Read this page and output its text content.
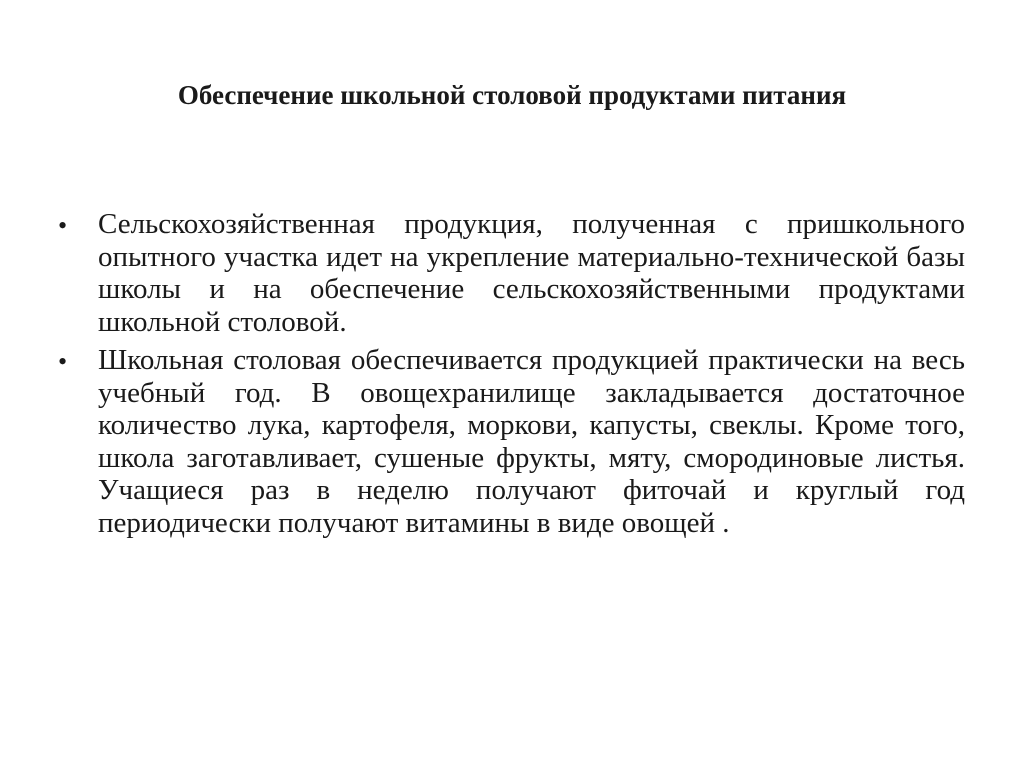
Обеспечение школьной столовой продуктами питания
• Сельскохозяйственная продукция, полученная с пришкольного опытного участка идет на укрепление материально-технической базы школы и на обеспечение сельскохозяйственными продуктами школьной столовой.
• Школьная столовая обеспечивается продукцией практически на весь учебный год. В овощехранилище закладывается достаточное количество лука, картофеля, моркови, капусты, свеклы. Кроме того, школа заготавливает, сушеные фрукты, мяту, смородиновые листья. Учащиеся раз в неделю получают фиточай и круглый год периодически получают витамины в виде овощей .
